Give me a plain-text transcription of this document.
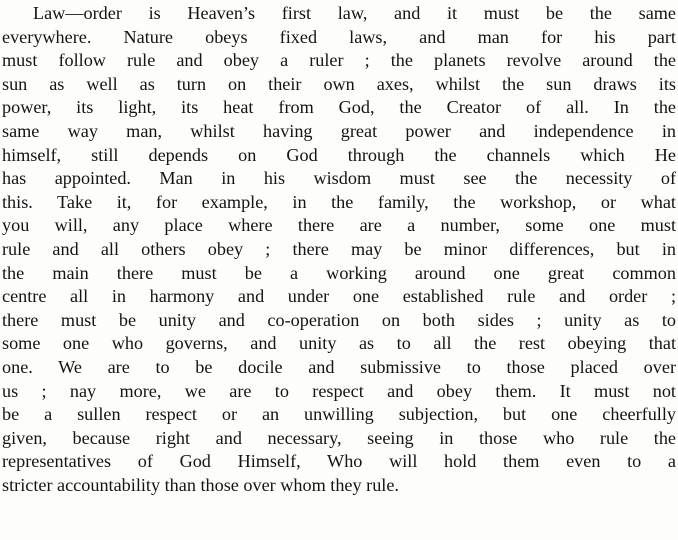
Law—order is Heaven’s first law, and it must be the same
everywhere. Nature obeys fixed laws, and man for his part
must follow rule and obey a ruler ; the planets revolve around the
sun as well as turn on their own axes, whilst the sun draws its
power, its light, its heat from God, the Creator of all. In the
same way man, whilst having great power and independence in
himself, still depends on God through the channels which He
has appointed. Man in his wisdom must see the necessity of
this. Take it, for example, in the family, the workshop, or what
you will, any place where there are a number, some one must
rule and all others obey ; there may be minor differences, but in
the main there must be a working around one great common
centre all in harmony and under one established rule and order ;
there must be unity and co-operation on both sides ; unity as to
some one who governs, and unity as to all the rest obeying that
one. We are to be docile and submissive to those placed over
us ; nay more, we are to respect and obey them. It must not
be a sullen respect or an unwilling subjection, but one cheerfully
given, because right and necessary, seeing in those who rule the
representatives of God Himself, Who will hold them even to a
stricter accountability than those over whom they rule.
